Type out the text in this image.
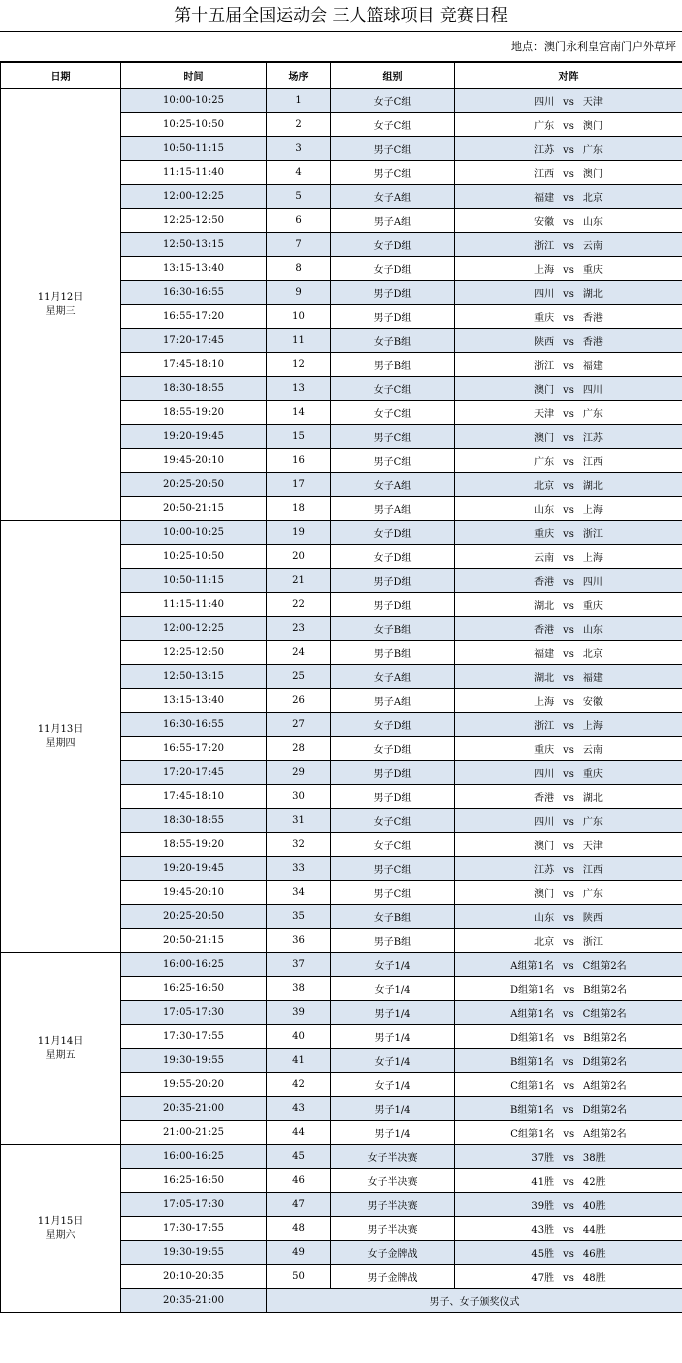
第十五届全国运动会 三人篮球项目 竞赛日程
地点：澳门永利皇宫南门户外草坪
日期	时间	场序	组别	对阵

11月12日
星期三	10:00-10:25	1	女子C组	四川 vs 天津
	10:25-10:50	2	女子C组	广东 vs 澳门
	10:50-11:15	3	男子C组	江苏 vs 广东
	11:15-11:40	4	男子C组	江西 vs 澳门
	12:00-12:25	5	女子A组	福建 vs 北京
	12:25-12:50	6	男子A组	安徽 vs 山东
	12:50-13:15	7	女子D组	浙江 vs 云南
	13:15-13:40	8	女子D组	上海 vs 重庆
	16:30-16:55	9	男子D组	四川 vs 湖北
	16:55-17:20	10	男子D组	重庆 vs 香港
	17:20-17:45	11	女子B组	陕西 vs 香港
	17:45-18:10	12	男子B组	浙江 vs 福建
	18:30-18:55	13	女子C组	澳门 vs 四川
	18:55-19:20	14	女子C组	天津 vs 广东
	19:20-19:45	15	男子C组	澳门 vs 江苏
	19:45-20:10	16	男子C组	广东 vs 江西
	20:25-20:50	17	女子A组	北京 vs 湖北
	20:50-21:15	18	男子A组	山东 vs 上海

11月13日
星期四	10:00-10:25	19	女子D组	重庆 vs 浙江
	10:25-10:50	20	女子D组	云南 vs 上海
	10:50-11:15	21	男子D组	香港 vs 四川
	11:15-11:40	22	男子D组	湖北 vs 重庆
	12:00-12:25	23	女子B组	香港 vs 山东
	12:25-12:50	24	男子B组	福建 vs 北京
	12:50-13:15	25	女子A组	湖北 vs 福建
	13:15-13:40	26	男子A组	上海 vs 安徽
	16:30-16:55	27	女子D组	浙江 vs 上海
	16:55-17:20	28	女子D组	重庆 vs 云南
	17:20-17:45	29	男子D组	四川 vs 重庆
	17:45-18:10	30	男子D组	香港 vs 湖北
	18:30-18:55	31	女子C组	四川 vs 广东
	18:55-19:20	32	女子C组	澳门 vs 天津
	19:20-19:45	33	男子C组	江苏 vs 江西
	19:45-20:10	34	男子C组	澳门 vs 广东
	20:25-20:50	35	女子B组	山东 vs 陕西
	20:50-21:15	36	男子B组	北京 vs 浙江

11月14日
星期五	16:00-16:25	37	女子1/4	A组第1名 vs C组第2名
	16:25-16:50	38	女子1/4	D组第1名 vs B组第2名
	17:05-17:30	39	男子1/4	A组第1名 vs C组第2名
	17:30-17:55	40	男子1/4	D组第1名 vs B组第2名
	19:30-19:55	41	女子1/4	B组第1名 vs D组第2名
	19:55-20:20	42	女子1/4	C组第1名 vs A组第2名
	20:35-21:00	43	男子1/4	B组第1名 vs D组第2名
	21:00-21:25	44	男子1/4	C组第1名 vs A组第2名

11月15日
星期六	16:00-16:25	45	女子半决赛	37胜 vs 38胜
	16:25-16:50	46	女子半决赛	41胜 vs 42胜
	17:05-17:30	47	男子半决赛	39胜 vs 40胜
	17:30-17:55	48	男子半决赛	43胜 vs 44胜
	19:30-19:55	49	女子金牌战	45胜 vs 46胜
	20:10-20:35	50	男子金牌战	47胜 vs 48胜
	20:35-21:00	男子、女子颁奖仪式		
